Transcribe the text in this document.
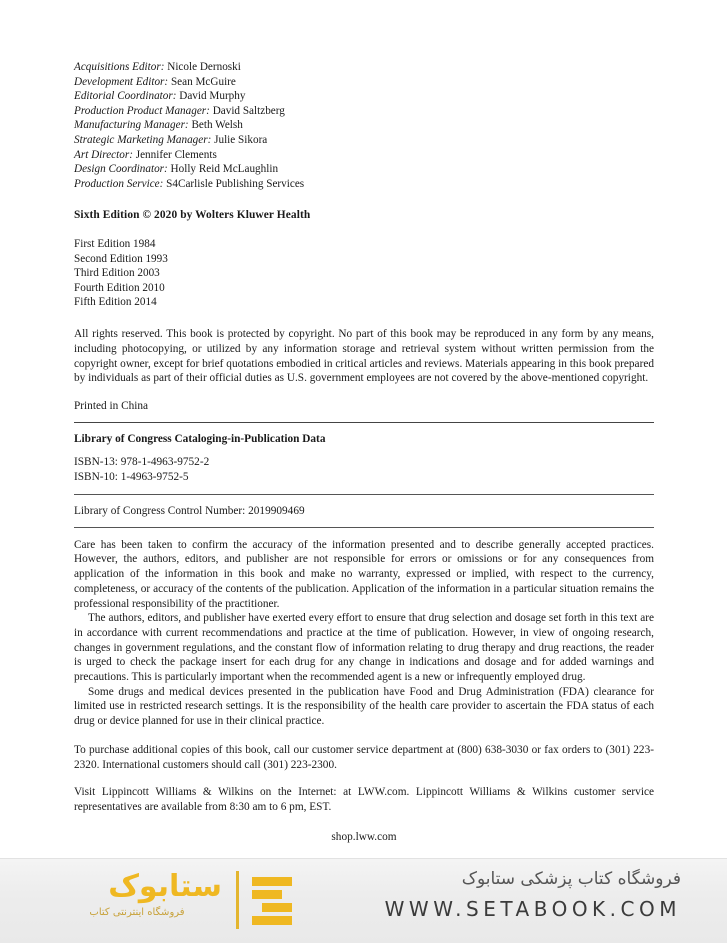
Acquisitions Editor: Nicole Dernoski
Development Editor: Sean McGuire
Editorial Coordinator: David Murphy
Production Product Manager: David Saltzberg
Manufacturing Manager: Beth Welsh
Strategic Marketing Manager: Julie Sikora
Art Director: Jennifer Clements
Design Coordinator: Holly Reid McLaughlin
Production Service: S4Carlisle Publishing Services
Sixth Edition © 2020 by Wolters Kluwer Health
First Edition 1984
Second Edition 1993
Third Edition 2003
Fourth Edition 2010
Fifth Edition 2014
All rights reserved. This book is protected by copyright. No part of this book may be reproduced in any form by any means, including photocopying, or utilized by any information storage and retrieval system without written permission from the copyright owner, except for brief quotations embodied in critical articles and reviews. Materials appearing in this book prepared by individuals as part of their official duties as U.S. government employees are not covered by the above-mentioned copyright.
Printed in China
Library of Congress Cataloging-in-Publication Data
ISBN-13: 978-1-4963-9752-2
ISBN-10: 1-4963-9752-5
Library of Congress Control Number: 2019909469

Care has been taken to confirm the accuracy of the information presented and to describe generally accepted practices. However, the authors, editors, and publisher are not responsible for errors or omissions or for any consequences from application of the information in this book and make no warranty, expressed or implied, with respect to the currency, completeness, or accuracy of the contents of the publication. Application of the information in a particular situation remains the professional responsibility of the practitioner.

The authors, editors, and publisher have exerted every effort to ensure that drug selection and dosage set forth in this text are in accordance with current recommendations and practice at the time of publication. However, in view of ongoing research, changes in government regulations, and the constant flow of information relating to drug therapy and drug reactions, the reader is urged to check the package insert for each drug for any change in indications and dosage and for added warnings and precautions. This is particularly important when the recommended agent is a new or infrequently employed drug.

Some drugs and medical devices presented in the publication have Food and Drug Administration (FDA) clearance for limited use in restricted research settings. It is the responsibility of the health care provider to ascertain the FDA status of each drug or device planned for use in their clinical practice.

To purchase additional copies of this book, call our customer service department at (800) 638-3030 or fax orders to (301) 223-2320. International customers should call (301) 223-2300.

Visit Lippincott Williams & Wilkins on the Internet: at LWW.com. Lippincott Williams & Wilkins customer service representatives are available from 8:30 am to 6 pm, EST.

shop.lww.com
ستابوک
فروشگاه اینترنتی کتاب
فروشگاه کتاب پزشکی ستابوک
WWW.SETABOOK.COM
